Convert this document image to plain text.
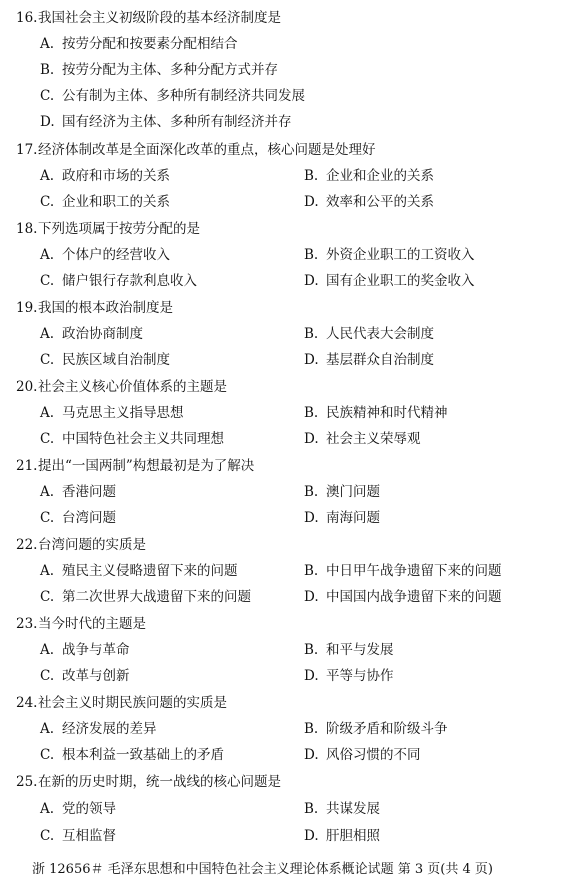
16.我国社会主义初级阶段的基本经济制度是
A. 按劳分配和按要素分配相结合
B. 按劳分配为主体、多种分配方式并存
C. 公有制为主体、多种所有制经济共同发展
D. 国有经济为主体、多种所有制经济并存
17.经济体制改革是全面深化改革的重点，核心问题是处理好
A. 政府和市场的关系	B. 企业和企业的关系
C. 企业和职工的关系	D. 效率和公平的关系
18.下列选项属于按劳分配的是
A. 个体户的经营收入	B. 外资企业职工的工资收入
C. 储户银行存款利息收入	D. 国有企业职工的奖金收入
19.我国的根本政治制度是
A. 政治协商制度	B. 人民代表大会制度
C. 民族区域自治制度	D. 基层群众自治制度
20.社会主义核心价值体系的主题是
A. 马克思主义指导思想	B. 民族精神和时代精神
C. 中国特色社会主义共同理想	D. 社会主义荣辱观
21.提出“一国两制”构想最初是为了解决
A. 香港问题	B. 澳门问题
C. 台湾问题	D. 南海问题
22.台湾问题的实质是
A. 殖民主义侵略遗留下来的问题	B. 中日甲午战争遗留下来的问题
C. 第二次世界大战遗留下来的问题	D. 中国国内战争遗留下来的问题
23.当今时代的主题是
A. 战争与革命	B. 和平与发展
C. 改革与创新	D. 平等与协作
24.社会主义时期民族问题的实质是
A. 经济发展的差异	B. 阶级矛盾和阶级斗争
C. 根本利益一致基础上的矛盾	D. 风俗习惯的不同
25.在新的历史时期，统一战线的核心问题是
A. 党的领导	B. 共谋发展
C. 互相监督	D. 肝胆相照
浙 12656＃ 毛泽东思想和中国特色社会主义理论体系概论试题 第 3 页(共 4 页)
